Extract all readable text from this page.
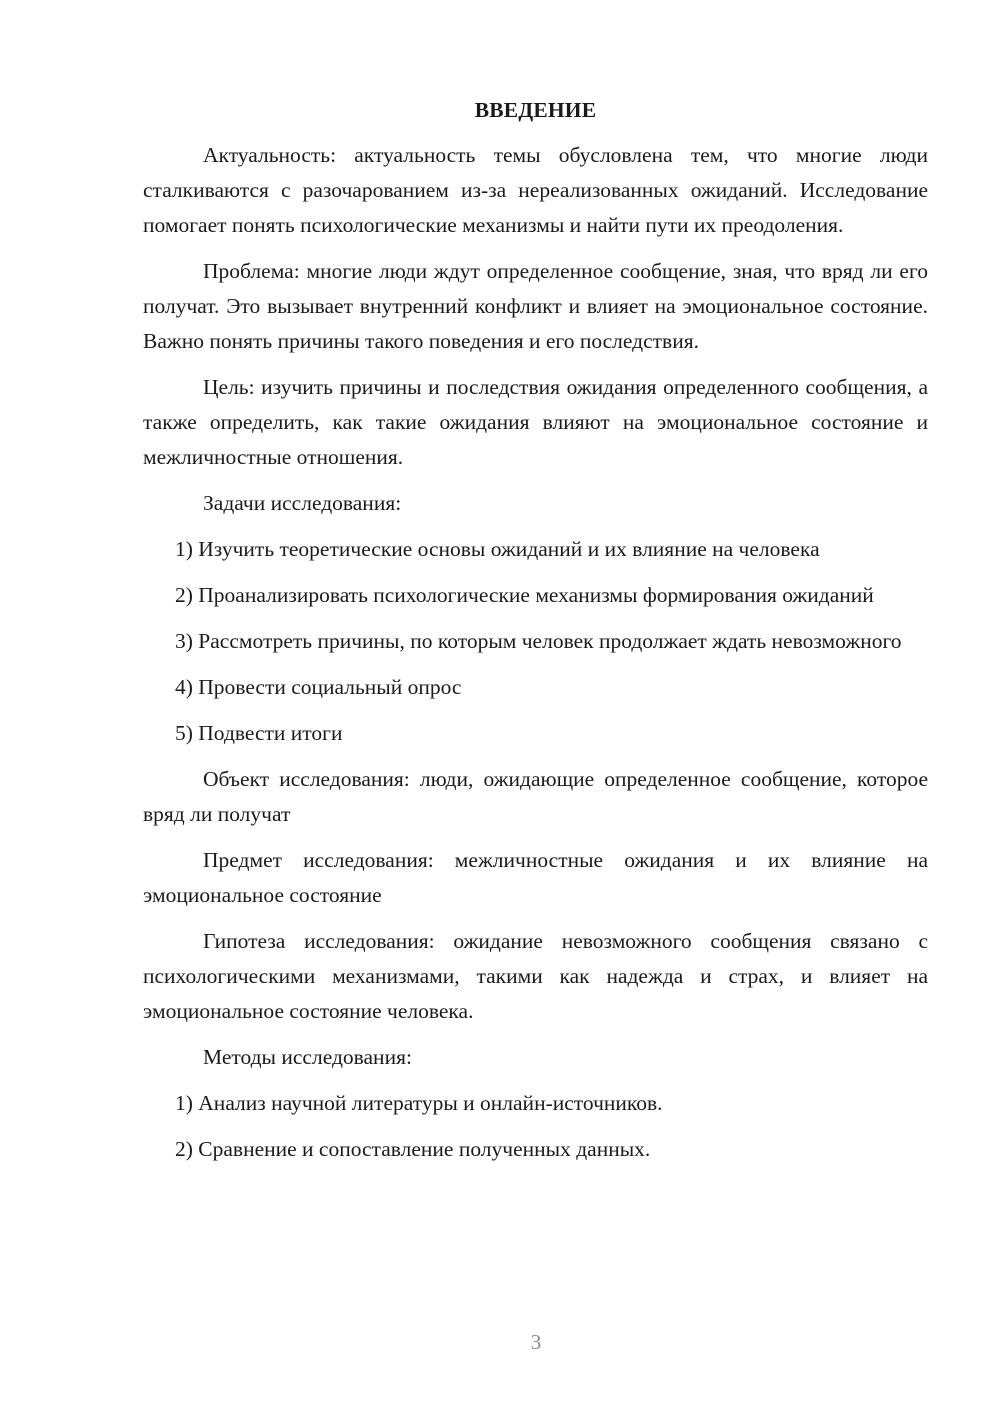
ВВЕДЕНИЕ

Актуальность: актуальность темы обусловлена тем, что многие люди сталкиваются с разочарованием из-за нереализованных ожиданий. Исследование помогает понять психологические механизмы и найти пути их преодоления.

Проблема: многие люди ждут определенное сообщение, зная, что вряд ли его получат. Это вызывает внутренний конфликт и влияет на эмоциональное состояние. Важно понять причины такого поведения и его последствия.

Цель: изучить причины и последствия ожидания определенного сообщения, а также определить, как такие ожидания влияют на эмоциональное состояние и межличностные отношения.

Задачи исследования:

1) Изучить теоретические основы ожиданий и их влияние на человека

2) Проанализировать психологические механизмы формирования ожиданий

3) Рассмотреть причины, по которым человек продолжает ждать невозможного

4) Провести социальный опрос

5) Подвести итоги

Объект исследования: люди, ожидающие определенное сообщение, которое вряд ли получат

Предмет исследования: межличностные ожидания и их влияние на эмоциональное состояние

Гипотеза исследования: ожидание невозможного сообщения связано с психологическими механизмами, такими как надежда и страх, и влияет на эмоциональное состояние человека.

Методы исследования:

1) Анализ научной литературы и онлайн-источников.

2) Сравнение и сопоставление полученных данных.

3
